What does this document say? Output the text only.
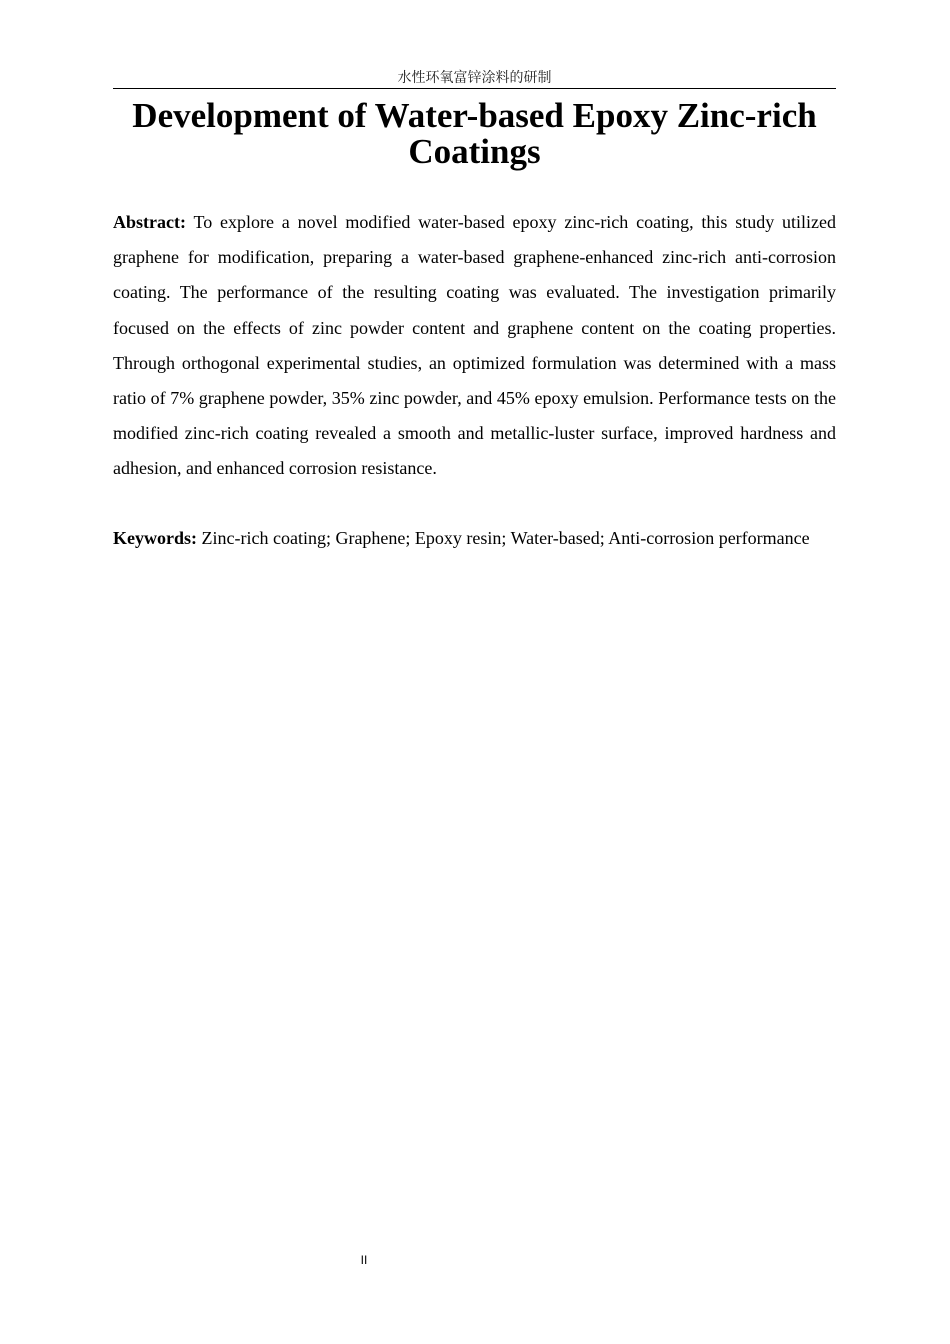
水性环氧富锌涂料的研制
Development of Water-based Epoxy Zinc-rich Coatings

Abstract: To explore a novel modified water-based epoxy zinc-rich coating, this study utilized graphene for modification, preparing a water-based graphene-enhanced zinc-rich anti-corrosion coating. The performance of the resulting coating was evaluated. The investigation primarily focused on the effects of zinc powder content and graphene content on the coating properties. Through orthogonal experimental studies, an optimized formulation was determined with a mass ratio of 7% graphene powder, 35% zinc powder, and 45% epoxy emulsion. Performance tests on the modified zinc-rich coating revealed a smooth and metallic-luster surface, improved hardness and adhesion, and enhanced corrosion resistance.

Keywords: Zinc-rich coating; Graphene; Epoxy resin; Water-based; Anti-corrosion performance

II
